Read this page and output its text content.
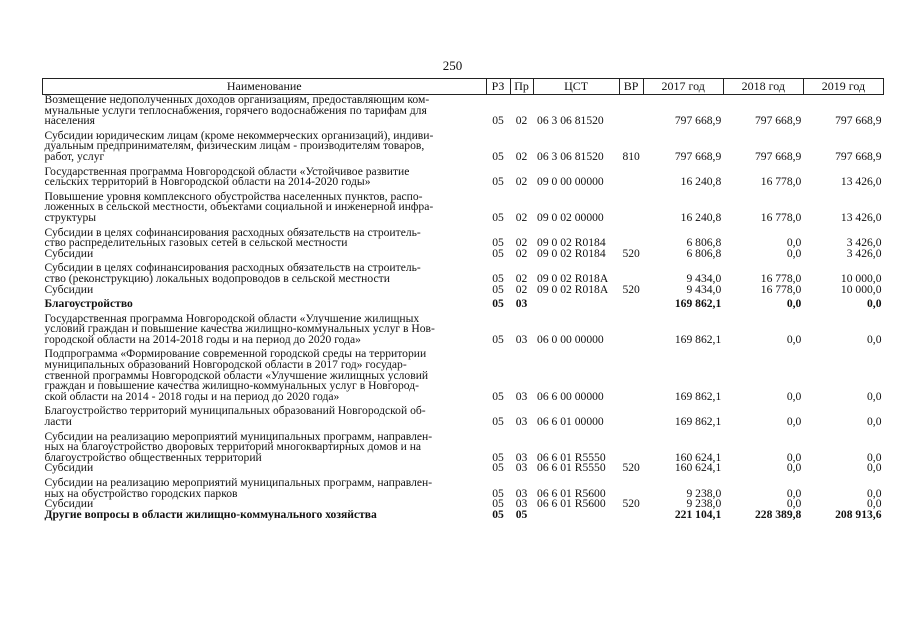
250
Наименование	РЗ	Пр	ЦСТ	ВР	2017 год	2018 год	2019 год
Возмещение недополученных доходов организациям, предоставляющим ком-
мунальные услуги теплоснабжения, горячего водоснабжения по тарифам для
населения	05	02	06 3 06 81520		797 668,9	797 668,9	797 668,9
Субсидии юридическим лицам (кроме некоммерческих организаций), индиви-
дуальным предпринимателям, физическим лицам - производителям товаров,
работ, услуг	05	02	06 3 06 81520	810	797 668,9	797 668,9	797 668,9
Государственная программа Новгородской области «Устойчивое развитие
сельских территорий в Новгородской области на 2014-2020 годы»	05	02	09 0 00 00000		16 240,8	16 778,0	13 426,0
Повышение уровня комплексного обустройства населенных пунктов, распо-
ложенных в сельской местности, объектами социальной и инженерной инфра-
структуры	05	02	09 0 02 00000		16 240,8	16 778,0	13 426,0
Субсидии в целях софинансирования расходных обязательств на строитель-
ство распределительных газовых сетей в сельской местности	05	02	09 0 02 R0184		6 806,8	0,0	3 426,0
Субсидии	05	02	09 0 02 R0184	520	6 806,8	0,0	3 426,0
Субсидии в целях софинансирования расходных обязательств на строитель-
ство (реконструкцию) локальных водопроводов в сельской местности	05	02	09 0 02 R018A		9 434,0	16 778,0	10 000,0
Субсидии	05	02	09 0 02 R018A	520	9 434,0	16 778,0	10 000,0
Благоустройство	05	03			169 862,1	0,0	0,0
Государственная программа Новгородской области «Улучшение жилищных
условий граждан и повышение качества жилищно-коммунальных услуг в Нов-
городской области на 2014-2018 годы и на период до 2020 года»	05	03	06 0 00 00000		169 862,1	0,0	0,0
Подпрограмма «Формирование современной городской среды на территории
муниципальных образований Новгородской области в 2017 год» государ-
ственной программы Новгородской области «Улучшение жилищных условий
граждан и повышение качества жилищно-коммунальных услуг в Новгород-
ской области на 2014 - 2018 годы и на период до 2020 года»	05	03	06 6 00 00000		169 862,1	0,0	0,0
Благоустройство территорий муниципальных образований Новгородской об-
ласти	05	03	06 6 01 00000		169 862,1	0,0	0,0
Субсидии на реализацию мероприятий муниципальных программ, направлен-
ных на благоустройство дворовых территорий многоквартирных домов и на
благоустройство общественных территорий	05	03	06 6 01 R5550		160 624,1	0,0	0,0
Субсидии	05	03	06 6 01 R5550	520	160 624,1	0,0	0,0
Субсидии на реализацию мероприятий муниципальных программ, направлен-
ных на обустройство городских парков	05	03	06 6 01 R5600		9 238,0	0,0	0,0
Субсидии	05	03	06 6 01 R5600	520	9 238,0	0,0	0,0
Другие вопросы в области жилищно-коммунального хозяйства	05	05			221 104,1	228 389,8	208 913,6
